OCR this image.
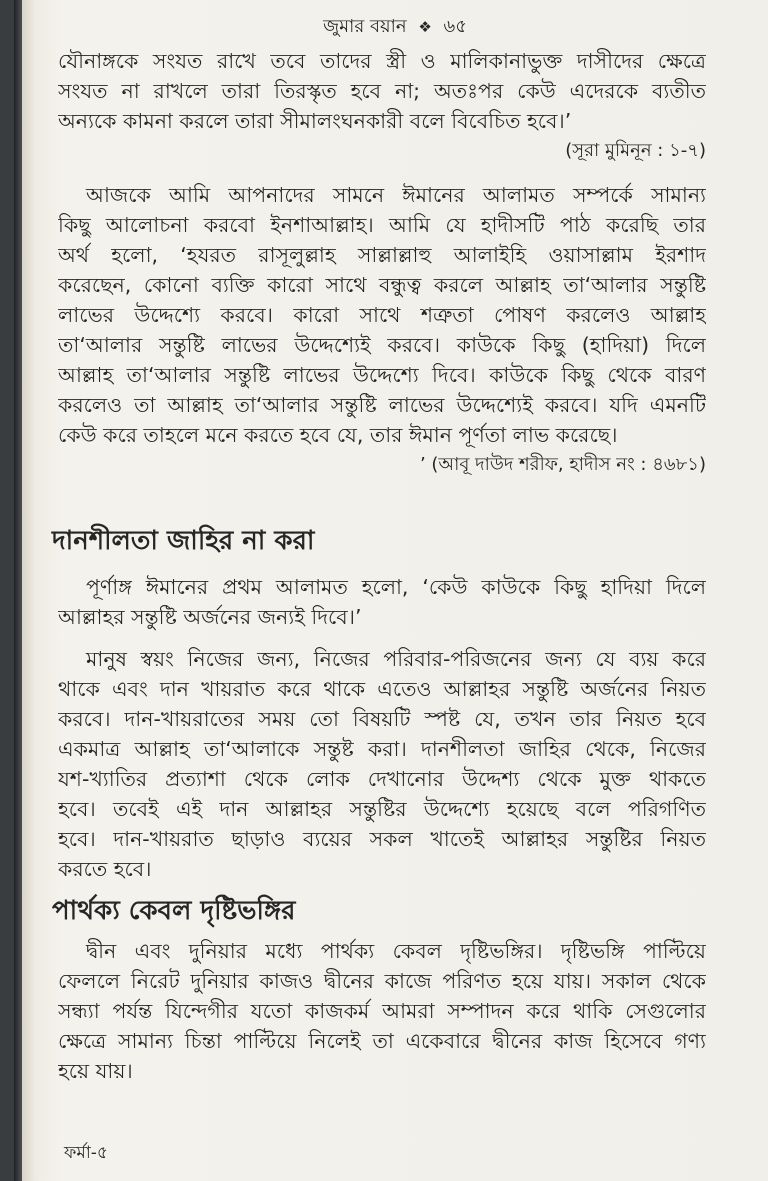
জুমার বয়ান ❖ ৬৫
যৌনাঙ্গকে সংযত রাখে তবে তাদের স্ত্রী ও মালিকানাভুক্ত দাসীদের ক্ষেত্রে
সংযত না রাখলে তারা তিরস্কৃত হবে না; অতঃপর কেউ এদেরকে ব্যতীত
অন্যকে কামনা করলে তারা সীমালংঘনকারী বলে বিবেচিত হবে।’
(সূরা মুমিনূন : ১-৭)
আজকে আমি আপনাদের সামনে ঈমানের আলামত সম্পর্কে সামান্য
কিছু আলোচনা করবো ইনশাআল্লাহ। আমি যে হাদীসটি পাঠ করেছি তার
অর্থ হলো, ‘হযরত রাসূলুল্লাহ সাল্লাল্লাহু আলাইহি ওয়াসাল্লাম ইরশাদ
করেছেন, কোনো ব্যক্তি কারো সাথে বন্ধুত্ব করলে আল্লাহ তা‘আলার সন্তুষ্টি
লাভের উদ্দেশ্যে করবে। কারো সাথে শত্রুতা পোষণ করলেও আল্লাহ
তা‘আলার সন্তুষ্টি লাভের উদ্দেশ্যেই করবে। কাউকে কিছু (হাদিয়া) দিলে
আল্লাহ তা‘আলার সন্তুষ্টি লাভের উদ্দেশ্যে দিবে। কাউকে কিছু থেকে বারণ
করলেও তা আল্লাহ তা‘আলার সন্তুষ্টি লাভের উদ্দেশ্যেই করবে। যদি এমনটি
কেউ করে তাহলে মনে করতে হবে যে, তার ঈমান পূর্ণতা লাভ করেছে।
’ (আবূ দাউদ শরীফ, হাদীস নং : ৪৬৮১)
দানশীলতা জাহির না করা
পূর্ণাঙ্গ ঈমানের প্রথম আলামত হলো, ‘কেউ কাউকে কিছু হাদিয়া দিলে
আল্লাহর সন্তুষ্টি অর্জনের জন্যই দিবে।’
মানুষ স্বয়ং নিজের জন্য, নিজের পরিবার-পরিজনের জন্য যে ব্যয় করে
থাকে এবং দান খায়রাত করে থাকে এতেও আল্লাহর সন্তুষ্টি অর্জনের নিয়ত
করবে। দান-খায়রাতের সময় তো বিষয়টি স্পষ্ট যে, তখন তার নিয়ত হবে
একমাত্র আল্লাহ তা‘আলাকে সন্তুষ্ট করা। দানশীলতা জাহির থেকে, নিজের
যশ-খ্যাতির প্রত্যাশা থেকে লোক দেখানোর উদ্দেশ্য থেকে মুক্ত থাকতে
হবে। তবেই এই দান আল্লাহর সন্তুষ্টির উদ্দেশ্যে হয়েছে বলে পরিগণিত
হবে। দান-খায়রাত ছাড়াও ব্যয়ের সকল খাতেই আল্লাহর সন্তুষ্টির নিয়ত
করতে হবে।
পার্থক্য কেবল দৃষ্টিভঙ্গির
দ্বীন এবং দুনিয়ার মধ্যে পার্থক্য কেবল দৃষ্টিভঙ্গির। দৃষ্টিভঙ্গি পাল্টিয়ে
ফেললে নিরেট দুনিয়ার কাজও দ্বীনের কাজে পরিণত হয়ে যায়। সকাল থেকে
সন্ধ্যা পর্যন্ত যিন্দেগীর যতো কাজকর্ম আমরা সম্পাদন করে থাকি সেগুলোর
ক্ষেত্রে সামান্য চিন্তা পাল্টিয়ে নিলেই তা একেবারে দ্বীনের কাজ হিসেবে গণ্য
হয়ে যায়।
ফর্মা-৫
